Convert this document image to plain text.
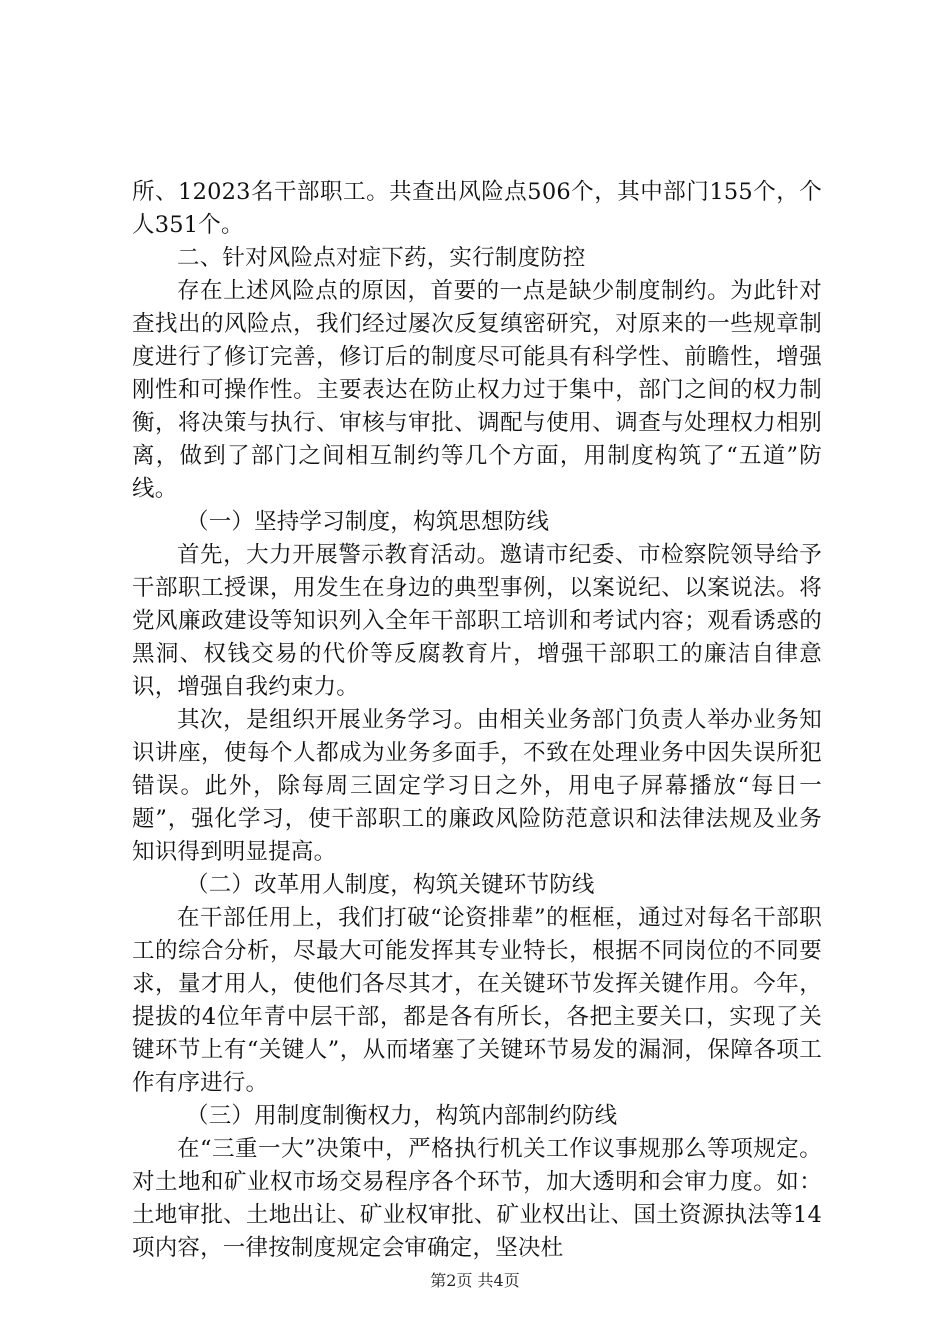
所、12023名干部职工。共查出风险点506个，其中部门155个，个人351个。

二、针对风险点对症下药，实行制度防控

存在上述风险点的原因，首要的一点是缺少制度制约。为此针对查找出的风险点，我们经过屡次反复缜密研究，对原来的一些规章制度进行了修订完善，修订后的制度尽可能具有科学性、前瞻性，增强刚性和可操作性。主要表达在防止权力过于集中，部门之间的权力制衡，将决策与执行、审核与审批、调配与使用、调查与处理权力相别离，做到了部门之间相互制约等几个方面，用制度构筑了“五道”防线。

（一）坚持学习制度，构筑思想防线

首先，大力开展警示教育活动。邀请市纪委、市检察院领导给予干部职工授课，用发生在身边的典型事例，以案说纪、以案说法。将党风廉政建设等知识列入全年干部职工培训和考试内容；观看诱惑的黑洞、权钱交易的代价等反腐教育片，增强干部职工的廉洁自律意识，增强自我约束力。

其次，是组织开展业务学习。由相关业务部门负责人举办业务知识讲座，使每个人都成为业务多面手，不致在处理业务中因失误所犯错误。此外，除每周三固定学习日之外，用电子屏幕播放“每日一题”，强化学习，使干部职工的廉政风险防范意识和法律法规及业务知识得到明显提高。

（二）改革用人制度，构筑关键环节防线

在干部任用上，我们打破“论资排辈”的框框，通过对每名干部职工的综合分析，尽最大可能发挥其专业特长，根据不同岗位的不同要求，量才用人，使他们各尽其才，在关键环节发挥关键作用。今年，提拔的4位年青中层干部，都是各有所长，各把主要关口，实现了关键环节上有“关键人”，从而堵塞了关键环节易发的漏洞，保障各项工作有序进行。

（三）用制度制衡权力，构筑内部制约防线

在“三重一大”决策中，严格执行机关工作议事规那么等项规定。对土地和矿业权市场交易程序各个环节，加大透明和会审力度。如：土地审批、土地出让、矿业权审批、矿业权出让、国土资源执法等14项内容，一律按制度规定会审确定，坚决杜

第2页 共4页
